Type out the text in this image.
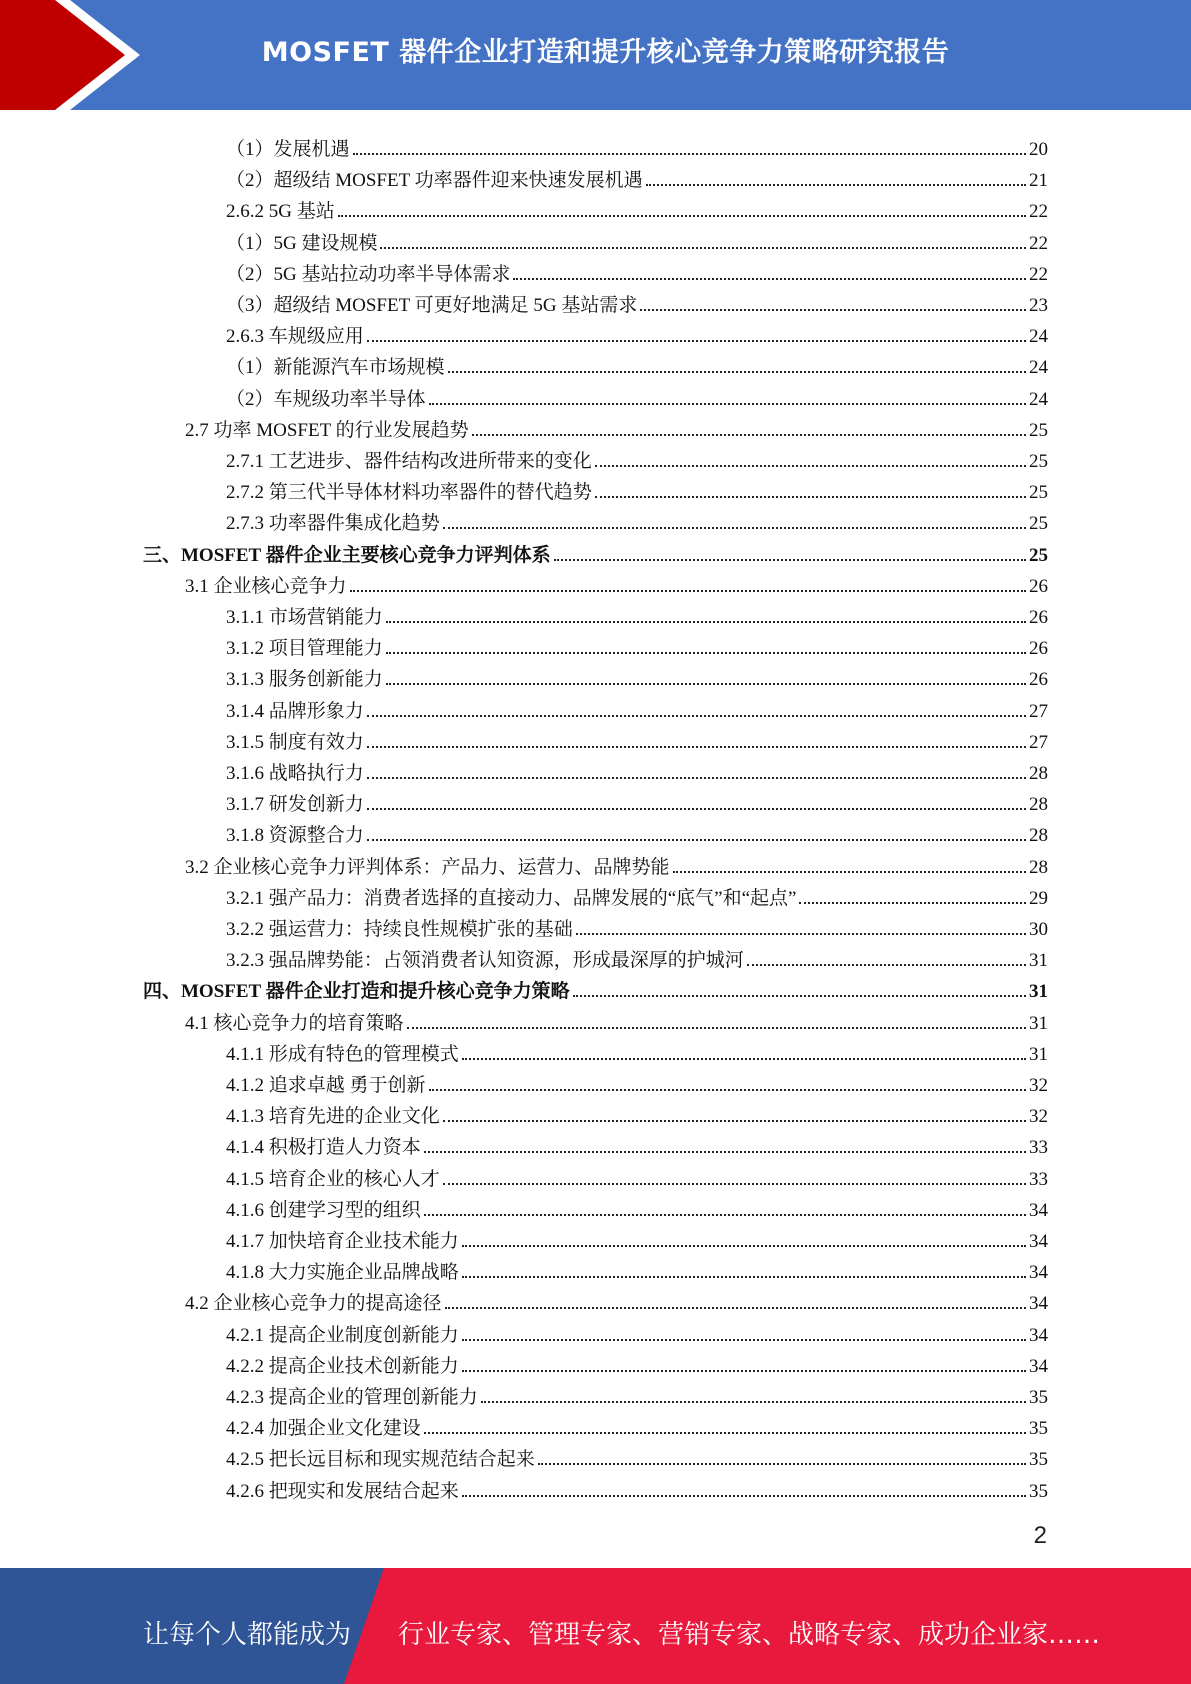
MOSFET 器件企业打造和提升核心竞争力策略研究报告
（1）发展机遇	20
（2）超级结 MOSFET 功率器件迎来快速发展机遇	21
2.6.2 5G 基站	22
（1）5G 建设规模	22
（2）5G 基站拉动功率半导体需求	22
（3）超级结 MOSFET 可更好地满足 5G 基站需求	23
2.6.3 车规级应用	24
（1）新能源汽车市场规模	24
（2）车规级功率半导体	24
2.7 功率 MOSFET 的行业发展趋势	25
2.7.1 工艺进步、器件结构改进所带来的变化	25
2.7.2 第三代半导体材料功率器件的替代趋势	25
2.7.3 功率器件集成化趋势	25
三、MOSFET 器件企业主要核心竞争力评判体系	25
3.1 企业核心竞争力	26
3.1.1 市场营销能力	26
3.1.2 项目管理能力	26
3.1.3 服务创新能力	26
3.1.4 品牌形象力	27
3.1.5 制度有效力	27
3.1.6 战略执行力	28
3.1.7 研发创新力	28
3.1.8 资源整合力	28
3.2 企业核心竞争力评判体系：产品力、运营力、品牌势能	28
3.2.1 强产品力：消费者选择的直接动力、品牌发展的“底气”和“起点”	29
3.2.2 强运营力：持续良性规模扩张的基础	30
3.2.3 强品牌势能：占领消费者认知资源，形成最深厚的护城河	31
四、MOSFET 器件企业打造和提升核心竞争力策略	31
4.1 核心竞争力的培育策略	31
4.1.1 形成有特色的管理模式	31
4.1.2 追求卓越 勇于创新	32
4.1.3 培育先进的企业文化	32
4.1.4 积极打造人力资本	33
4.1.5 培育企业的核心人才	33
4.1.6 创建学习型的组织	34
4.1.7 加快培育企业技术能力	34
4.1.8 大力实施企业品牌战略	34
4.2 企业核心竞争力的提高途径	34
4.2.1 提高企业制度创新能力	34
4.2.2 提高企业技术创新能力	34
4.2.3 提高企业的管理创新能力	35
4.2.4 加强企业文化建设	35
4.2.5 把长远目标和现实规范结合起来	35
4.2.6 把现实和发展结合起来	35
2
让每个人都能成为 行业专家、管理专家、营销专家、战略专家、成功企业家……
